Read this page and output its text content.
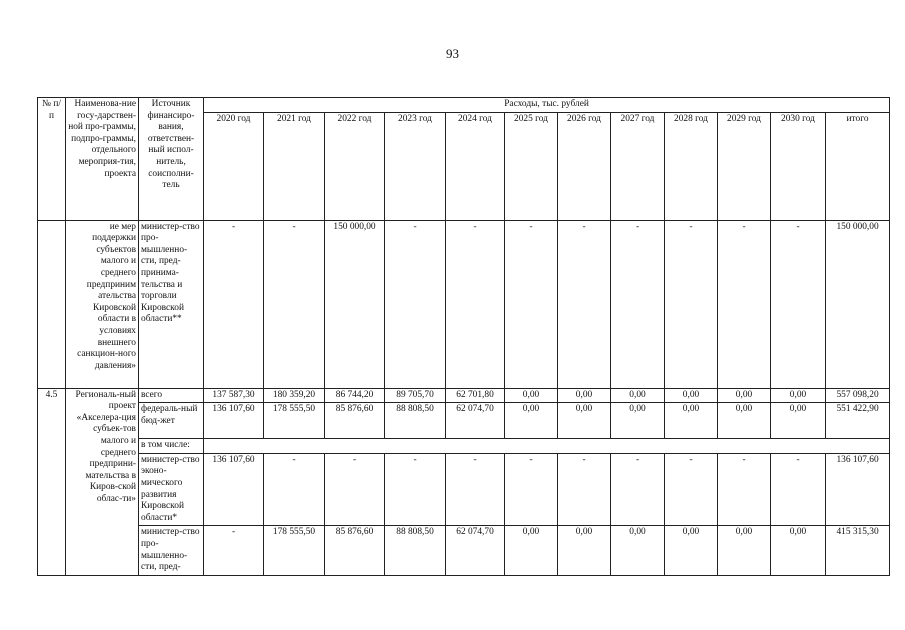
93
№ п/п	Наименова-ние госу-дарствен-ной про-граммы, подпро-граммы, отдельного мероприя-тия, проекта	Источник финансиро-вания, ответствен-ный испол-нитель, соисполни-тель	Расходы, тыс. рублей											
			2020 год	2021 год	2022 год	2023 год	2024 год	2025 год	2026 год	2027 год	2028 год	2029 год	2030 год	итого
	ие мер поддержки субъектов малого и среднего предприним ательства Кировской области в условиях внешнего санкцион-ного давления»	министер-ство про-мышленно-сти, пред-принима-тельства и торговли Кировской области**	-	-	150 000,00	-	-	-	-	-	-	-	-	150 000,00
4.5	Региональ-ный проект «Акселера-ция субъек-тов малого и среднего предприни-мательства в Киров-ской облас-ти»	всего	137 587,30	180 359,20	86 744,20	89 705,70	62 701,80	0,00	0,00	0,00	0,00	0,00	0,00	557 098,20
		федераль-ный бюд-жет	136 107,60	178 555,50	85 876,60	88 808,50	62 074,70	0,00	0,00	0,00	0,00	0,00	0,00	551 422,90
		в том числе:												
		министер-ство эконо-мического развития Кировской области*	136 107,60	-	-	-	-	-	-	-	-	-	-	136 107,60
		министер-ство про-мышленно-сти, пред-	-	178 555,50	85 876,60	88 808,50	62 074,70	0,00	0,00	0,00	0,00	0,00	0,00	415 315,30
